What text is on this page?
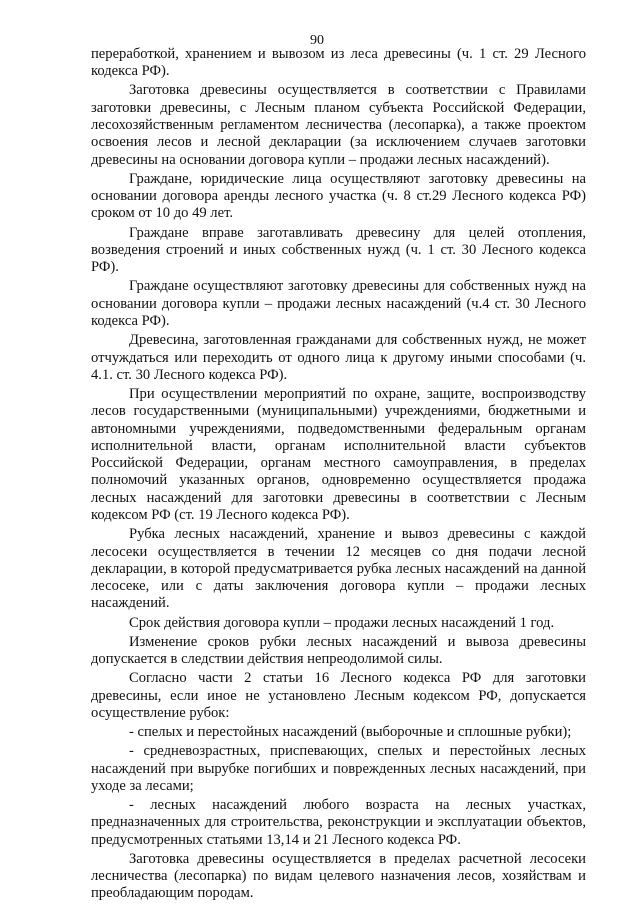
90

переработкой, хранением и вывозом из леса древесины (ч. 1 ст. 29 Лесного кодекса РФ).

Заготовка древесины осуществляется в соответствии с Правилами заготовки древесины, с Лесным планом субъекта Российской Федерации, лесохозяйственным регламентом лесничества (лесопарка), а также проектом освоения лесов и лесной декларации (за исключением случаев заготовки древесины на основании договора купли – продажи лесных насаждений).

Граждане, юридические лица осуществляют заготовку древесины на основании договора аренды лесного участка (ч. 8 ст.29 Лесного кодекса РФ) сроком от 10 до 49 лет.

Граждане вправе заготавливать древесину для целей отопления, возведения строений и иных собственных нужд (ч. 1 ст. 30 Лесного кодекса РФ).

Граждане осуществляют заготовку древесины для собственных нужд на основании договора купли – продажи лесных насаждений (ч.4 ст. 30 Лесного кодекса РФ).

Древесина, заготовленная гражданами для собственных нужд, не может отчуждаться или переходить от одного лица к другому иными способами (ч. 4.1. ст. 30 Лесного кодекса РФ).

При осуществлении мероприятий по охране, защите, воспроизводству лесов государственными (муниципальными) учреждениями, бюджетными и автономными учреждениями, подведомственными федеральным органам исполнительной власти, органам исполнительной власти субъектов Российской Федерации, органам местного самоуправления, в пределах полномочий указанных органов, одновременно осуществляется продажа лесных насаждений для заготовки древесины в соответствии с Лесным кодексом РФ (ст. 19 Лесного кодекса РФ).

Рубка лесных насаждений, хранение и вывоз древесины с каждой лесосеки осуществляется в течении 12 месяцев со дня подачи лесной декларации, в которой предусматривается рубка лесных насаждений на данной лесосеке, или с даты заключения договора купли – продажи лесных насаждений.

Срок действия договора купли – продажи лесных насаждений 1 год.

Изменение сроков рубки лесных насаждений и вывоза древесины допускается в следствии действия непреодолимой силы.

Согласно части 2 статьи 16 Лесного кодекса РФ для заготовки древесины, если иное не установлено Лесным кодексом РФ, допускается осуществление рубок:

- спелых и перестойных насаждений (выборочные и сплошные рубки);

- средневозрастных, приспевающих, спелых и перестойных лесных насаждений при вырубке погибших и поврежденных лесных насаждений, при уходе за лесами;

- лесных насаждений любого возраста на лесных участках, предназначенных для строительства, реконструкции и эксплуатации объектов, предусмотренных статьями 13,14 и 21 Лесного кодекса РФ.

Заготовка древесины осуществляется в пределах расчетной лесосеки лесничества (лесопарка) по видам целевого назначения лесов, хозяйствам и преобладающим породам.
